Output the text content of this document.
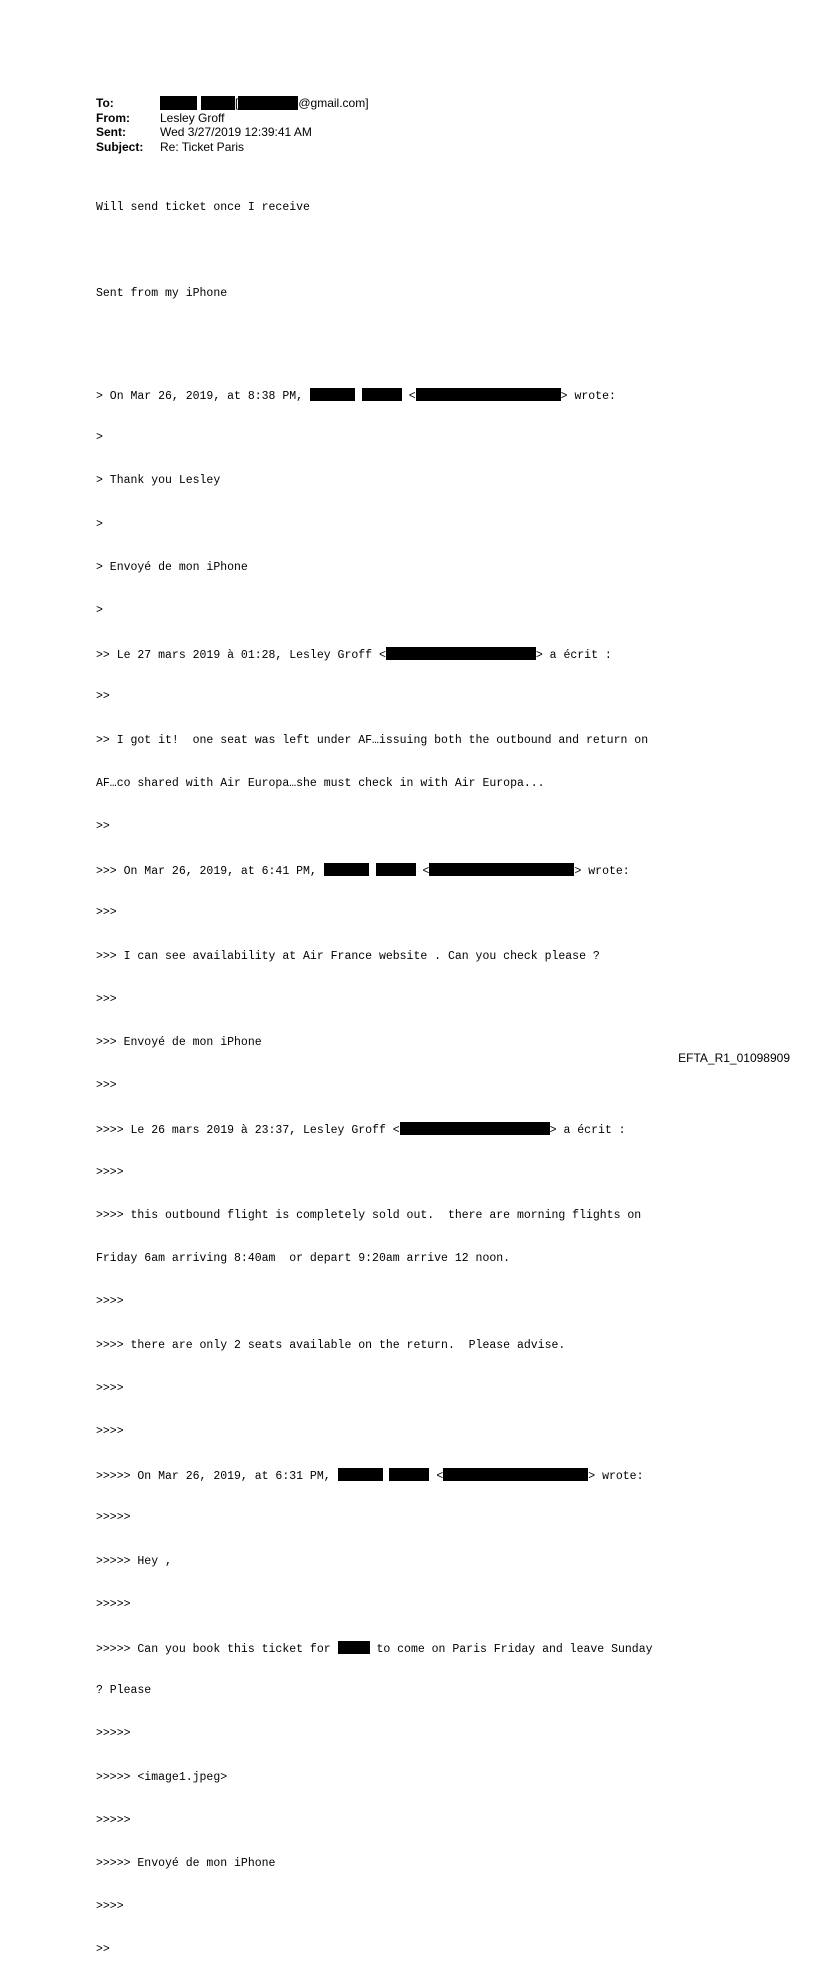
To:	[	@gmail.com]
From:	Lesley Groff
Sent:	Wed 3/27/2019 12:39:41 AM
Subject:	Re: Ticket Paris

Will send ticket once I receive

Sent from my iPhone

> On Mar 26, 2019, at 8:38 PM,	<	> wrote:

>

> Thank you Lesley

>

> Envoyé de mon iPhone

>

>> Le 27 mars 2019 à 01:28, Lesley Groff <	> a écrit :

>>

>> I got it!  one seat was left under AF…issuing both the outbound and return on

AF…co shared with Air Europa…she must check in with Air Europa...

>>

>>> On Mar 26, 2019, at 6:41 PM,	<	> wrote:

>>>

>>> I can see availability at Air France website . Can you check please ?

>>>

>>> Envoyé de mon iPhone

>>>

>>>> Le 26 mars 2019 à 23:37, Lesley Groff <	> a écrit :

>>>>

>>>> this outbound flight is completely sold out.  there are morning flights on

Friday 6am arriving 8:40am  or depart 9:20am arrive 12 noon.

>>>>

>>>> there are only 2 seats available on the return.  Please advise.

>>>>

>>>>

>>>>> On Mar 26, 2019, at 6:31 PM,	<	> wrote:

>>>>>

>>>>> Hey ,

>>>>>

>>>>> Can you book this ticket for	to come on Paris Friday and leave Sunday

? Please

>>>>>

>>>>> <image1.jpeg>

>>>>>

>>>>> Envoyé de mon iPhone

>>>>

>>

EFTA_R1_01098909
